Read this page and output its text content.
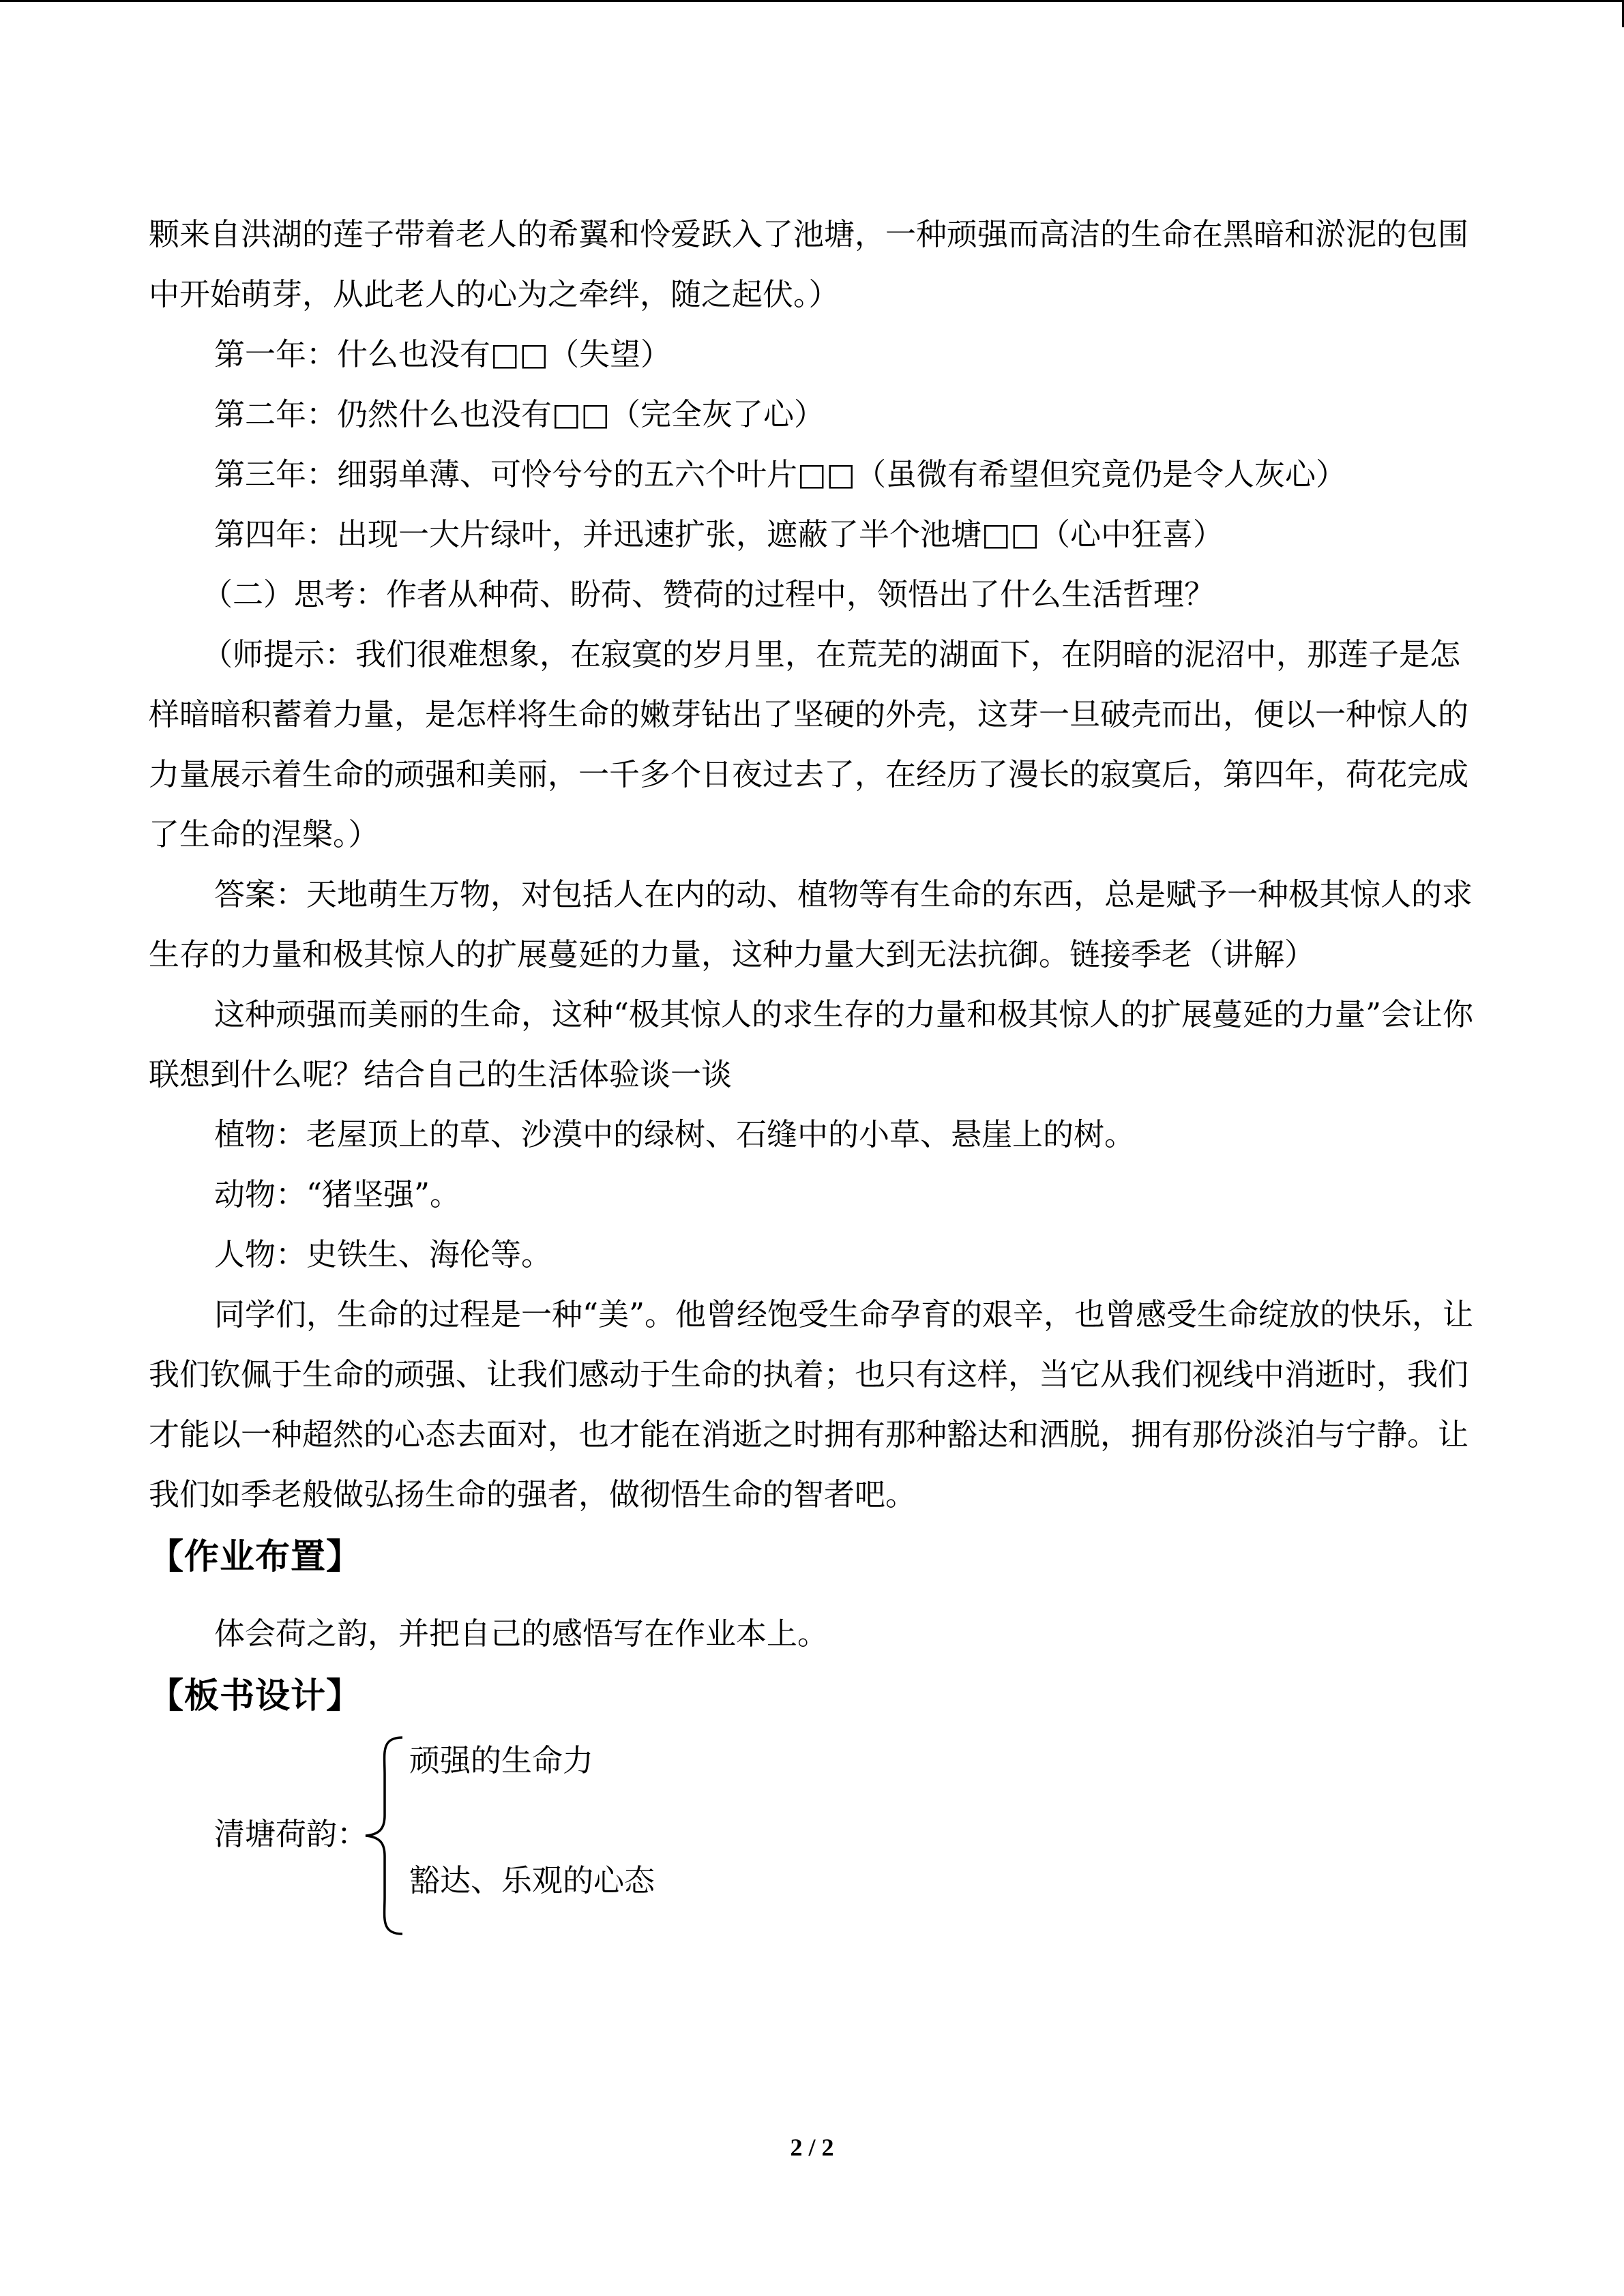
颗来自洪湖的莲子带着老人的希翼和怜爱跃入了池塘，一种顽强而高洁的生命在黑暗和淤泥的包围中开始萌芽，从此老人的心为之牵绊，随之起伏。）

第一年：什么也没有□□（失望）

第二年：仍然什么也没有□□（完全灰了心）

第三年：细弱单薄、可怜兮兮的五六个叶片□□（虽微有希望但究竟仍是令人灰心）

第四年：出现一大片绿叶，并迅速扩张，遮蔽了半个池塘□□（心中狂喜）

（二）思考：作者从种荷、盼荷、赞荷的过程中，领悟出了什么生活哲理？

（师提示：我们很难想象，在寂寞的岁月里，在荒芜的湖面下，在阴暗的泥沼中，那莲子是怎样暗暗积蓄着力量，是怎样将生命的嫩芽钻出了坚硬的外壳，这芽一旦破壳而出，便以一种惊人的力量展示着生命的顽强和美丽，一千多个日夜过去了，在经历了漫长的寂寞后，第四年，荷花完成了生命的涅槃。）

答案：天地萌生万物，对包括人在内的动、植物等有生命的东西，总是赋予一种极其惊人的求生存的力量和极其惊人的扩展蔓延的力量，这种力量大到无法抗御。链接季老（讲解）

这种顽强而美丽的生命，这种“极其惊人的求生存的力量和极其惊人的扩展蔓延的力量”会让你联想到什么呢？结合自己的生活体验谈一谈

植物：老屋顶上的草、沙漠中的绿树、石缝中的小草、悬崖上的树。

动物：“猪坚强”。

人物：史铁生、海伦等。

同学们，生命的过程是一种“美”。他曾经饱受生命孕育的艰辛，也曾感受生命绽放的快乐，让我们钦佩于生命的顽强、让我们感动于生命的执着；也只有这样，当它从我们视线中消逝时，我们才能以一种超然的心态去面对，也才能在消逝之时拥有那种豁达和洒脱，拥有那份淡泊与宁静。让我们如季老般做弘扬生命的强者，做彻悟生命的智者吧。

【作业布置】

体会荷之韵，并把自己的感悟写在作业本上。

【板书设计】
清塘荷韵：
顽强的生命力
豁达、乐观的心态
2 / 2
